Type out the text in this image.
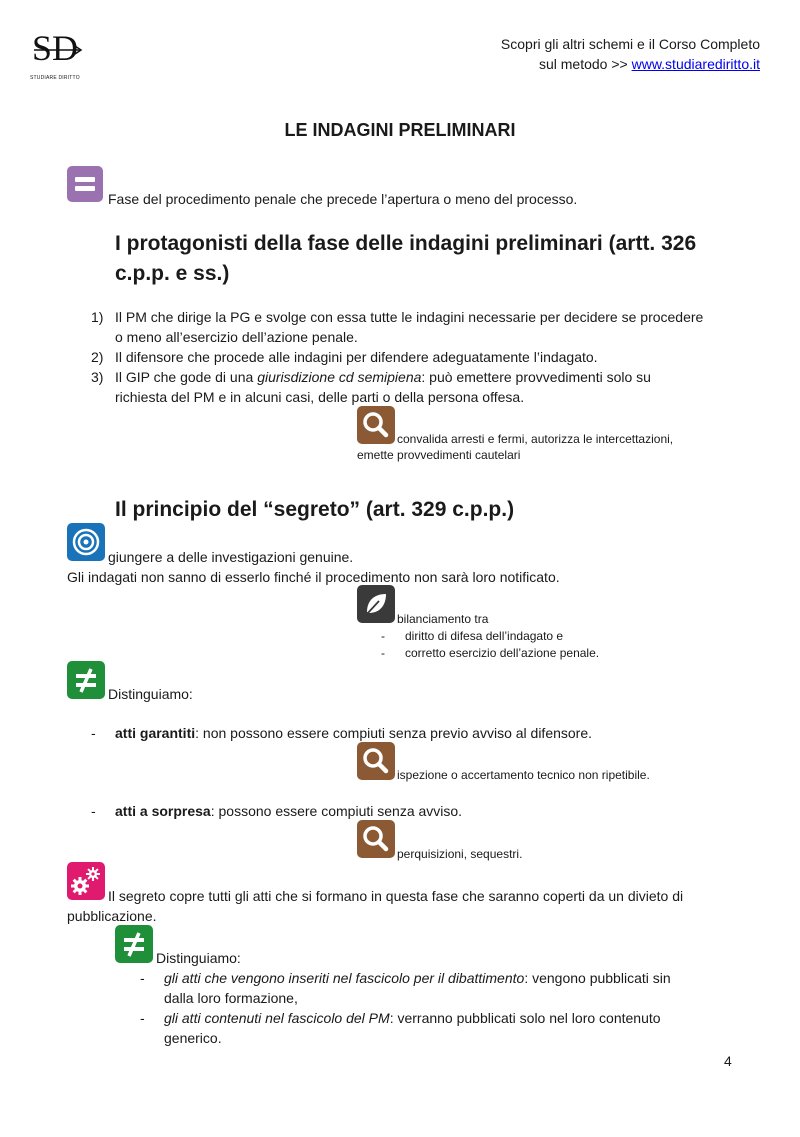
SD
STUDIARE DIRITTO
Scopri gli altri schemi e il Corso Completo
sul metodo >> www.studiarediritto.it
LE INDAGINI PRELIMINARI
Fase del procedimento penale che precede l’apertura o meno del processo.
I protagonisti della fase delle indagini preliminari (artt. 326
c.p.p. e ss.)
1) Il PM che dirige la PG e svolge con essa tutte le indagini necessarie per decidere se procedere
o meno all’esercizio dell’azione penale.
2) Il difensore che procede alle indagini per difendere adeguatamente l’indagato.
3) Il GIP che gode di una giurisdizione cd semipiena: può emettere provvedimenti solo su
richiesta del PM e in alcuni casi, delle parti o della persona offesa.
convalida arresti e fermi, autorizza le intercettazioni,
emette provvedimenti cautelari
Il principio del “segreto” (art. 329 c.p.p.)
giungere a delle investigazioni genuine.
Gli indagati non sanno di esserlo finché il procedimento non sarà loro notificato.
bilanciamento tra
- diritto di difesa dell’indagato e
- corretto esercizio dell’azione penale.
Distinguiamo:
- atti garantiti: non possono essere compiuti senza previo avviso al difensore.
ispezione o accertamento tecnico non ripetibile.
- atti a sorpresa: possono essere compiuti senza avviso.
perquisizioni, sequestri.
Il segreto copre tutti gli atti che si formano in questa fase che saranno coperti da un divieto di
pubblicazione.
Distinguiamo:
- gli atti che vengono inseriti nel fascicolo per il dibattimento: vengono pubblicati sin
dalla loro formazione,
- gli atti contenuti nel fascicolo del PM: verranno pubblicati solo nel loro contenuto
generico.
4
